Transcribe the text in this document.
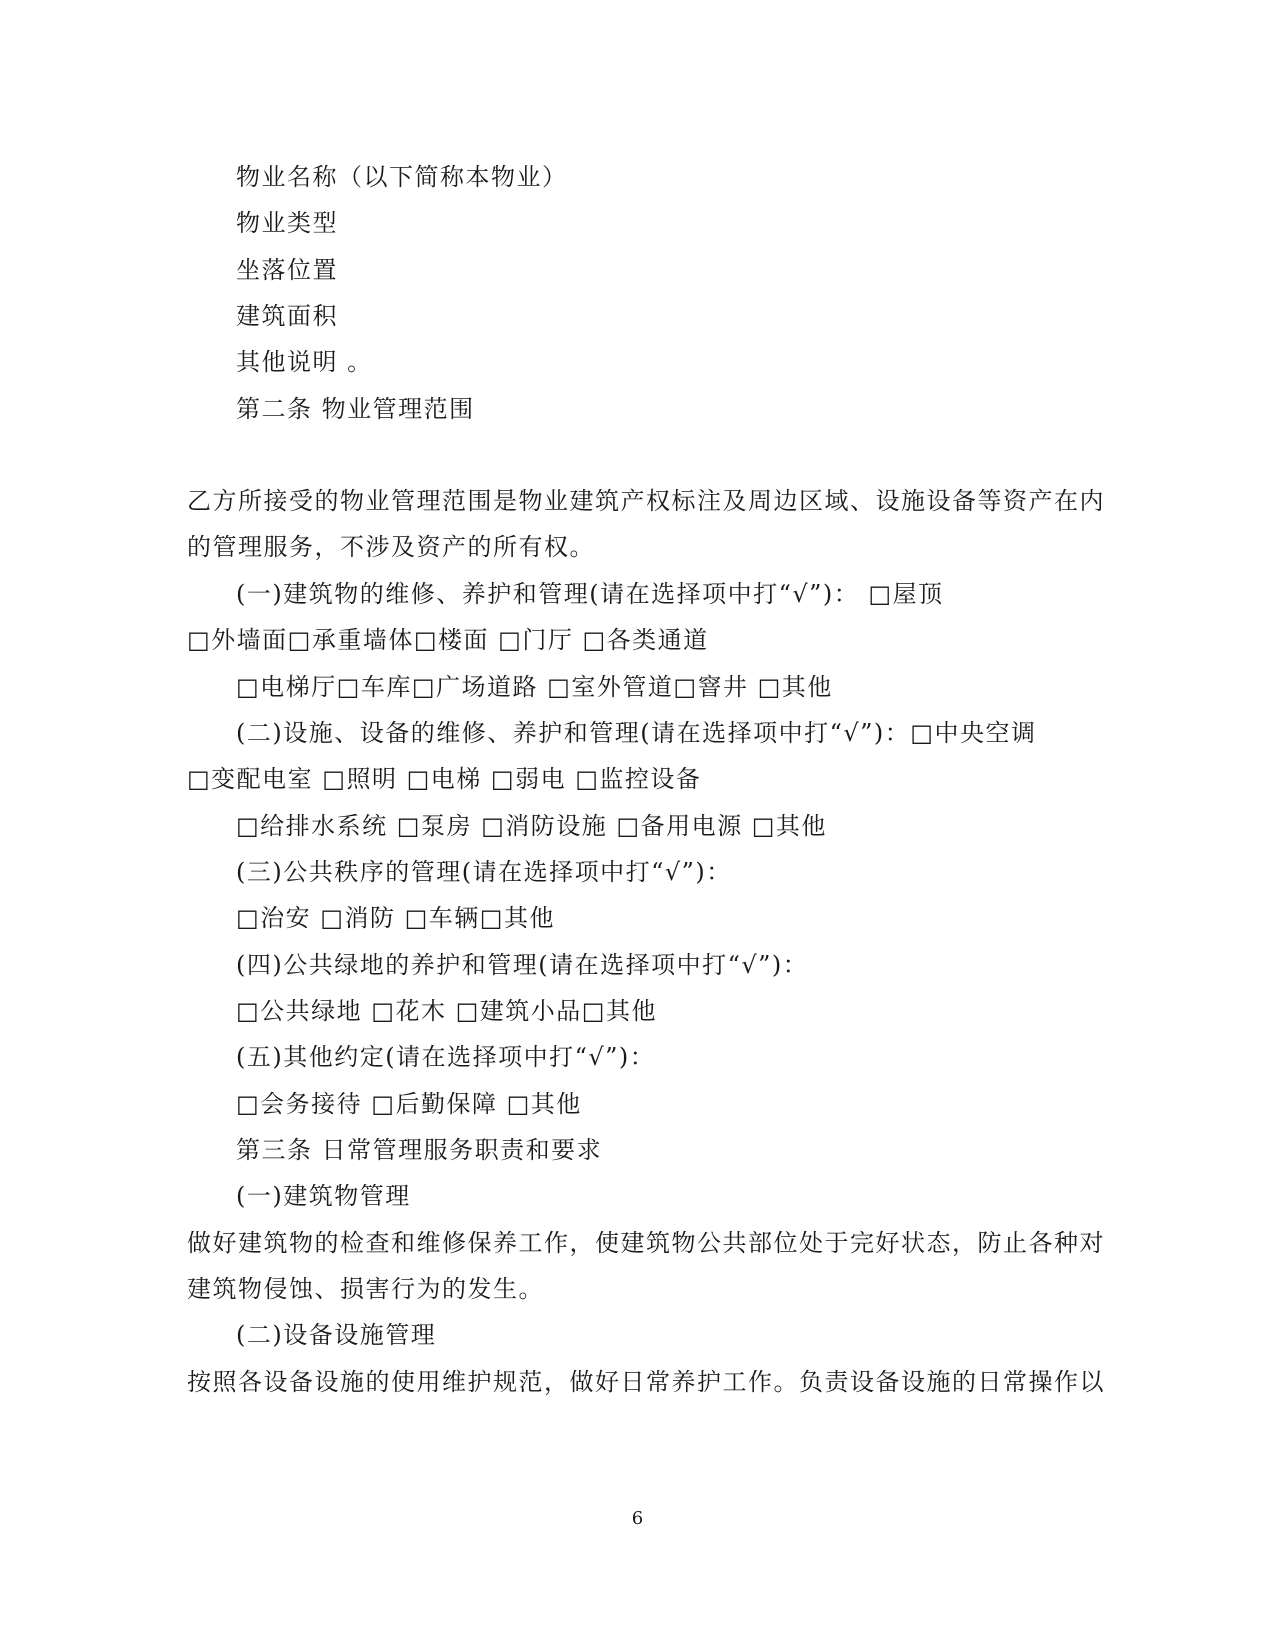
物业名称（以下简称本物业）
物业类型
坐落位置
建筑面积
其他说明 。
第二条 物业管理范围
乙方所接受的物业管理范围是物业建筑产权标注及周边区域、设施设备等资产在内
的管理服务，不涉及资产的所有权。
(一)建筑物的维修、养护和管理(请在选择项中打“√”)： □屋顶
□外墙面□承重墙体□楼面 □门厅 □各类通道
□电梯厅□车库□广场道路 □室外管道□窨井 □其他
(二)设施、设备的维修、养护和管理(请在选择项中打“√”)：□中央空调
□变配电室 □照明 □电梯 □弱电 □监控设备
□给排水系统 □泵房 □消防设施 □备用电源 □其他
(三)公共秩序的管理(请在选择项中打“√”)：
□治安 □消防 □车辆□其他
(四)公共绿地的养护和管理(请在选择项中打“√”)：
□公共绿地 □花木 □建筑小品□其他
(五)其他约定(请在选择项中打“√”)：
□会务接待 □后勤保障 □其他
第三条 日常管理服务职责和要求
(一)建筑物管理
做好建筑物的检查和维修保养工作，使建筑物公共部位处于完好状态，防止各种对
建筑物侵蚀、损害行为的发生。
(二)设备设施管理
按照各设备设施的使用维护规范，做好日常养护工作。负责设备设施的日常操作以
6
